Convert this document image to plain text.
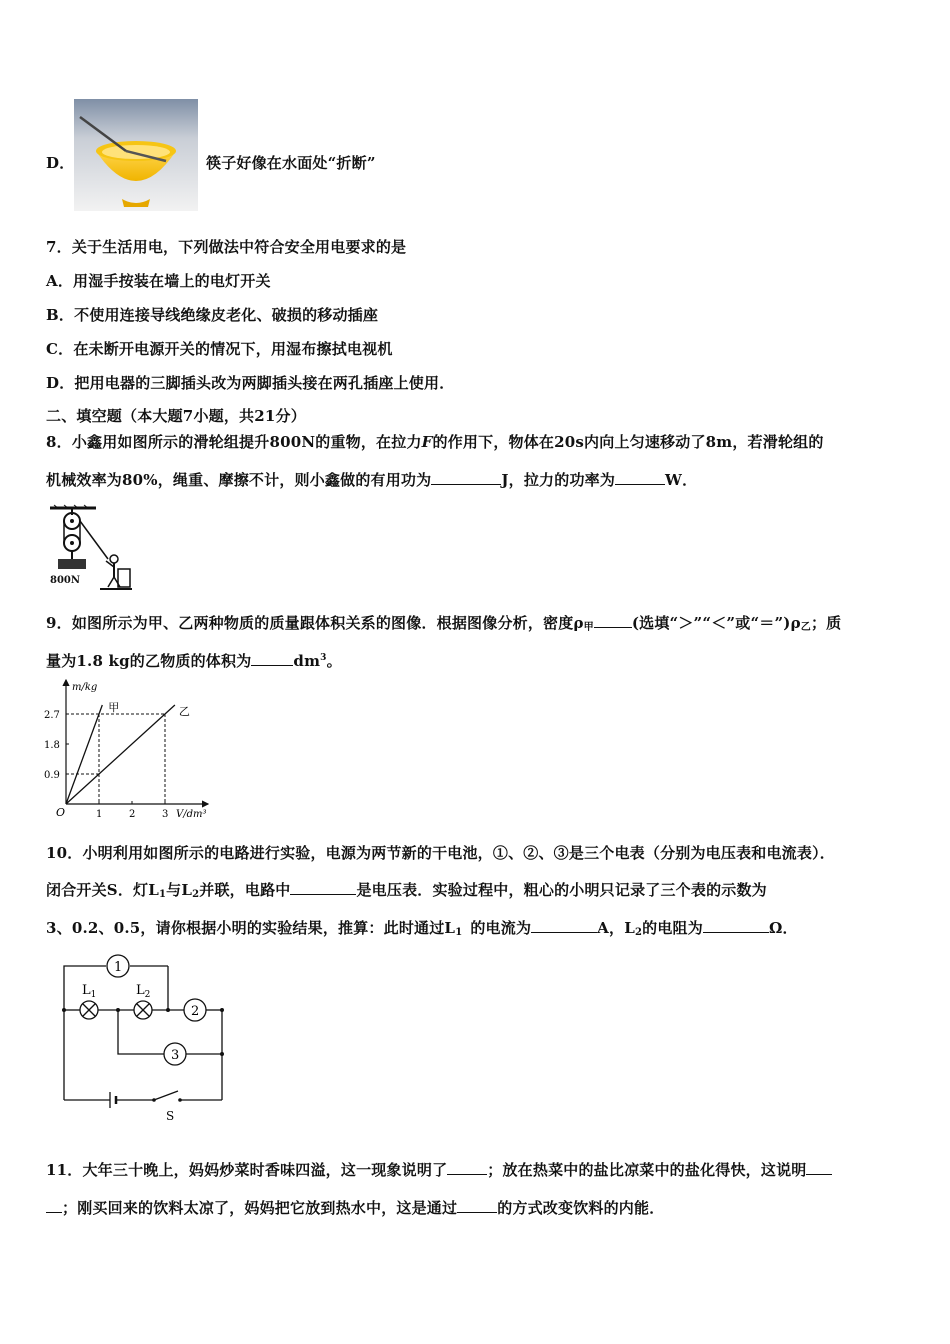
D．	筷子好像在水面处“折断”
7．关于生活用电，下列做法中符合安全用电要求的是
A．用湿手按装在墙上的电灯开关
B．不使用连接导线绝缘皮老化、破损的移动插座
C．在未断开电源开关的情况下，用湿布擦拭电视机
D．把用电器的三脚插头改为两脚插头接在两孔插座上使用．
二、填空题（本大题7小题，共21分）
8．小鑫用如图所示的滑轮组提升800N的重物，在拉力F的作用下，物体在20s内向上匀速移动了8m，若滑轮组的
机械效率为80%，绳重、摩擦不计，则小鑫做的有用功为	J，拉力的功率为	W．
800N
9．如图所示为甲、乙两种物质的质量跟体积关系的图像．根据图像分析，密度$\rho_甲$	(选填“＞”“＜”或“$=”)\rho_乙$；质
量为1.8 kg的乙物质的体积为	$dm^3$。
m/kg
V/dm³
O	1	2	3
0.9
1.8
2.7
甲	乙
10．小明利用如图所示的电路进行实验，电源为两节新的干电池，①、②、③是三个电表（分别为电压表和电流表）．
闭合开关S．灯$L_1$与$L_2$并联，电路中	是电压表．实验过程中，粗心的小明只记录了三个表的示数为
3、0.2、0.5，请你根据小明的实验结果，推算：此时通过$L_1$ 的电流为	A，$L_2$的电阻为	Ω．
1
2
3
$L_1$	$L_2$
S
11．大年三十晚上，妈妈炒菜时香味四溢，这一现象说明了	；放在热菜中的盐比凉菜中的盐化得快，这说明
；刚买回来的饮料太凉了，妈妈把它放到热水中，这是通过	的方式改变饮料的内能．
